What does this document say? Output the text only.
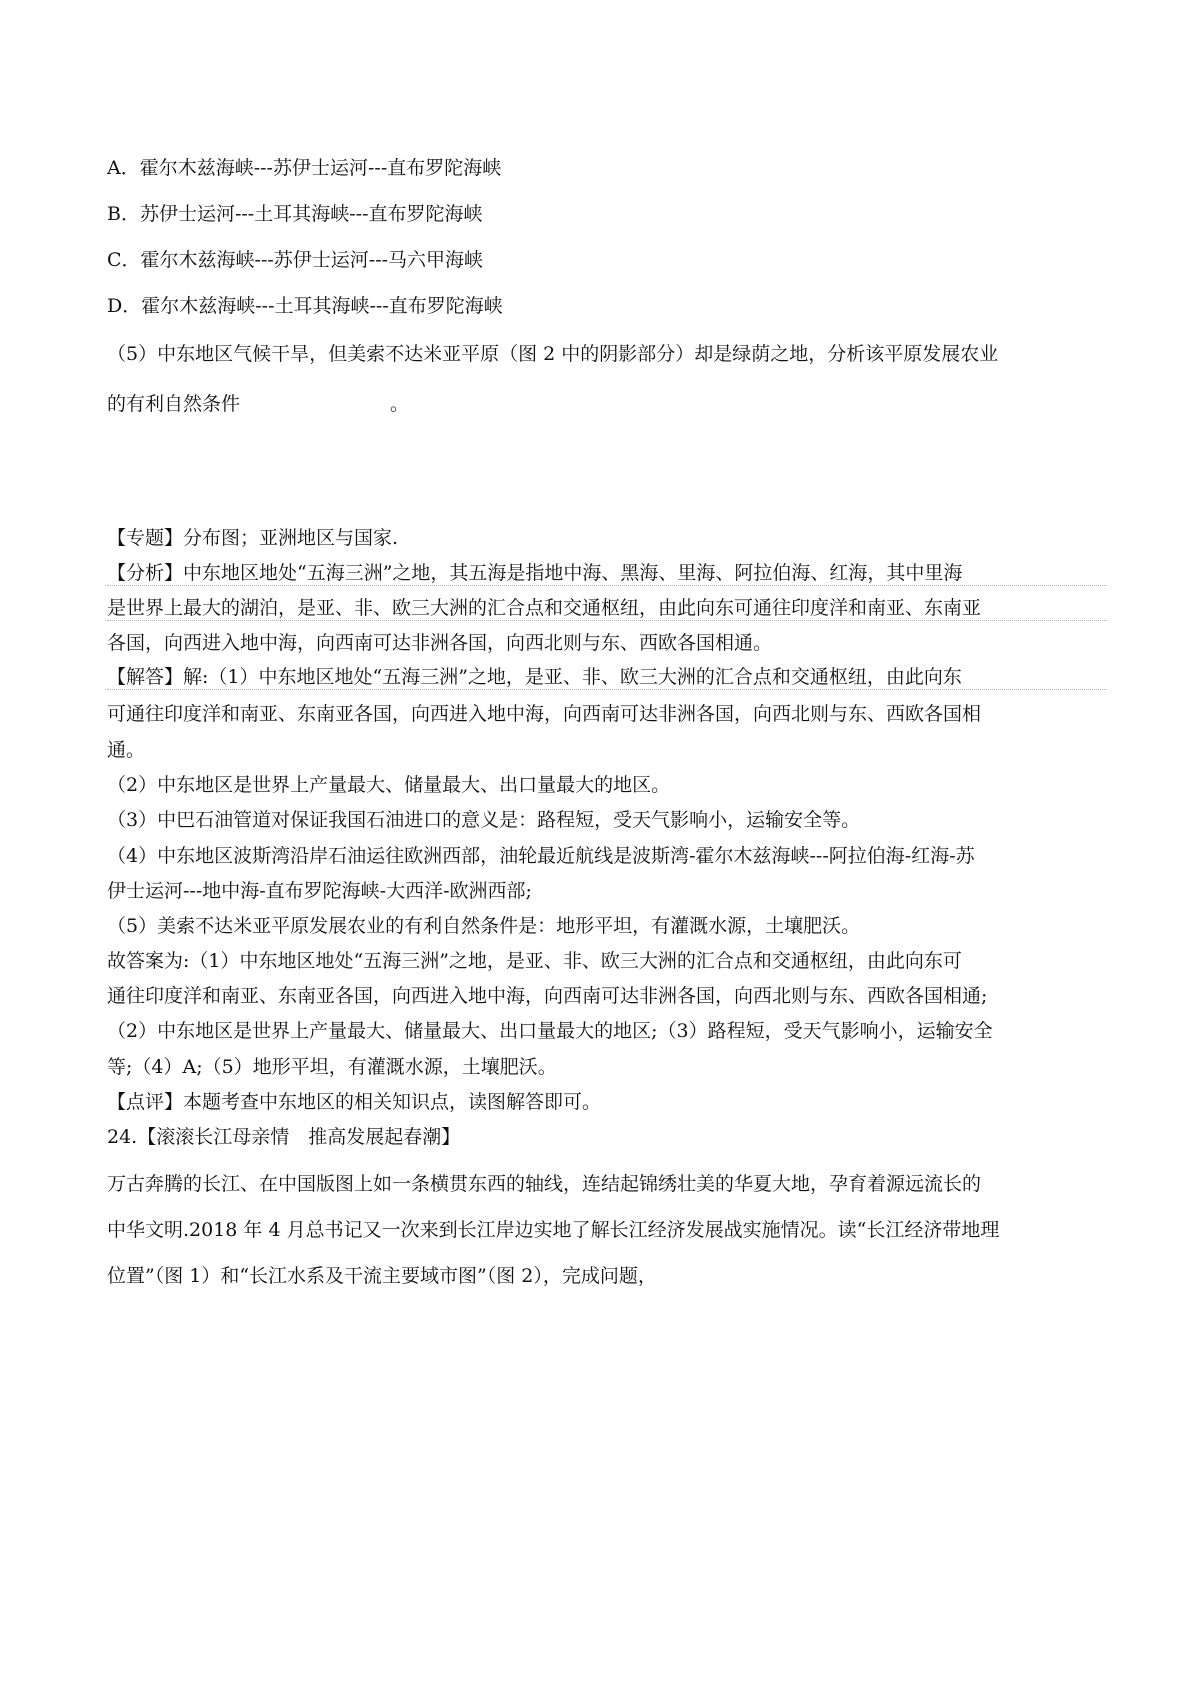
A．霍尔木兹海峡---苏伊士运河---直布罗陀海峡
B．苏伊士运河---土耳其海峡---直布罗陀海峡
C．霍尔木兹海峡---苏伊士运河---马六甲海峡
D．霍尔木兹海峡---土耳其海峡---直布罗陀海峡
（5）中东地区气候干旱，但美索不达米亚平原（图 2 中的阴影部分）却是绿荫之地，分析该平原发展农业
的有利自然条件	。
【专题】分布图；亚洲地区与国家.
【分析】中东地区地处“五海三洲”之地，其五海是指地中海、黑海、里海、阿拉伯海、红海，其中里海
是世界上最大的湖泊，是亚、非、欧三大洲的汇合点和交通枢纽，由此向东可通往印度洋和南亚、东南亚
各国，向西进入地中海，向西南可达非洲各国，向西北则与东、西欧各国相通。
【解答】解:（1）中东地区地处“五海三洲”之地，是亚、非、欧三大洲的汇合点和交通枢纽，由此向东
可通往印度洋和南亚、东南亚各国，向西进入地中海，向西南可达非洲各国，向西北则与东、西欧各国相
通。
（2）中东地区是世界上产量最大、储量最大、出口量最大的地区。
（3）中巴石油管道对保证我国石油进口的意义是：路程短，受天气影响小，运输安全等。
（4）中东地区波斯湾沿岸石油运往欧洲西部，油轮最近航线是波斯湾-霍尔木兹海峡---阿拉伯海-红海-苏
伊士运河---地中海-直布罗陀海峡-大西洋-欧洲西部;
（5）美索不达米亚平原发展农业的有利自然条件是：地形平坦，有灌溉水源，土壤肥沃。
故答案为:（1）中东地区地处“五海三洲”之地，是亚、非、欧三大洲的汇合点和交通枢纽，由此向东可
通往印度洋和南亚、东南亚各国，向西进入地中海，向西南可达非洲各国，向西北则与东、西欧各国相通;
（2）中东地区是世界上产量最大、储量最大、出口量最大的地区;（3）路程短，受天气影响小，运输安全
等;（4）A;（5）地形平坦，有灌溉水源，土壤肥沃。
【点评】本题考查中东地区的相关知识点，读图解答即可。
24.【滚滚长江母亲情　推高发展起春潮】
万古奔腾的长江、在中国版图上如一条横贯东西的轴线，连结起锦绣壮美的华夏大地，孕育着源远流长的
中华文明.2018 年 4 月总书记又一次来到长江岸边实地了解长江经济发展战实施情况。读“长江经济带地理
位置”（图 1）和“长江水系及干流主要域市图”（图 2），完成问题，
